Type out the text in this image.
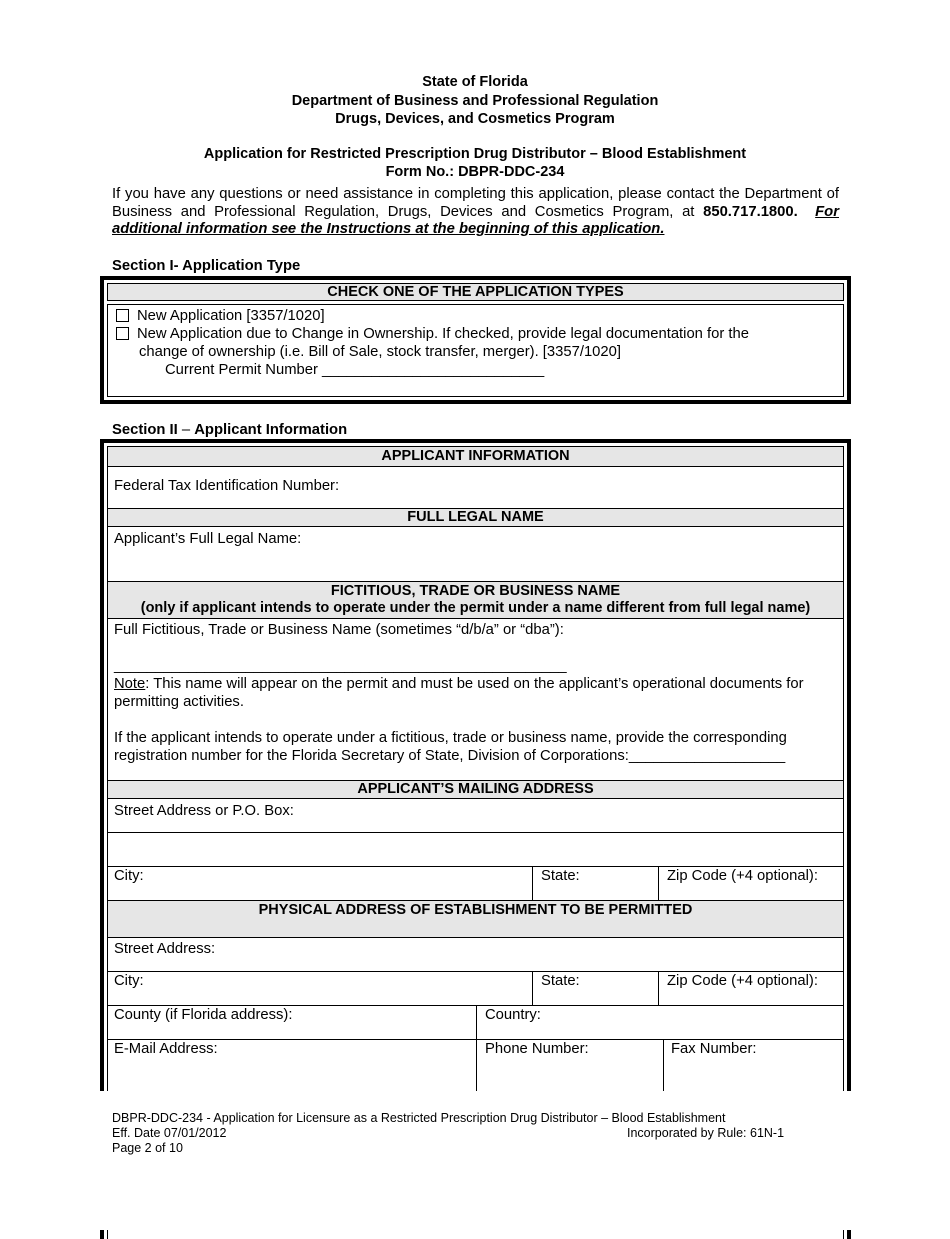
State of Florida
Department of Business and Professional Regulation
Drugs, Devices, and Cosmetics Program
Application for Restricted Prescription Drug Distributor – Blood Establishment
Form No.: DBPR-DDC-234
If you have any questions or need assistance in completing this application, please contact the Department of Business and Professional Regulation, Drugs, Devices and Cosmetics Program, at 850.717.1800. For additional information see the Instructions at the beginning of this application.
Section I- Application Type
CHECK ONE OF THE APPLICATION TYPES
New Application [3357/1020]
New Application due to Change in Ownership. If checked, provide legal documentation for the
change of ownership (i.e. Bill of Sale, stock transfer, merger). [3357/1020]
Current Permit Number ___________________________
Section II – Applicant Information
APPLICANT INFORMATION
Federal Tax Identification Number:
FULL LEGAL NAME
Applicant’s Full Legal Name:
FICTITIOUS, TRADE OR BUSINESS NAME
(only if applicant intends to operate under the permit under a name different from full legal name)
Full Fictitious, Trade or Business Name (sometimes “d/b/a” or “dba”):
_______________________________________________________
Note: This name will appear on the permit and must be used on the applicant’s operational documents for permitting activities.
If the applicant intends to operate under a fictitious, trade or business name, provide the corresponding registration number for the Florida Secretary of State, Division of Corporations:___________________
APPLICANT’S MAILING ADDRESS
Street Address or P.O. Box:
City:	State:	Zip Code (+4 optional):
PHYSICAL ADDRESS OF ESTABLISHMENT TO BE PERMITTED
Street Address:
City:	State:	Zip Code (+4 optional):
County (if Florida address):	Country:
E-Mail Address:	Phone Number:	Fax Number:
DBPR-DDC-234 - Application for Licensure as a Restricted Prescription Drug Distributor – Blood Establishment
Eff. Date 07/01/2012	Incorporated by Rule: 61N-1
Page 2 of 10
